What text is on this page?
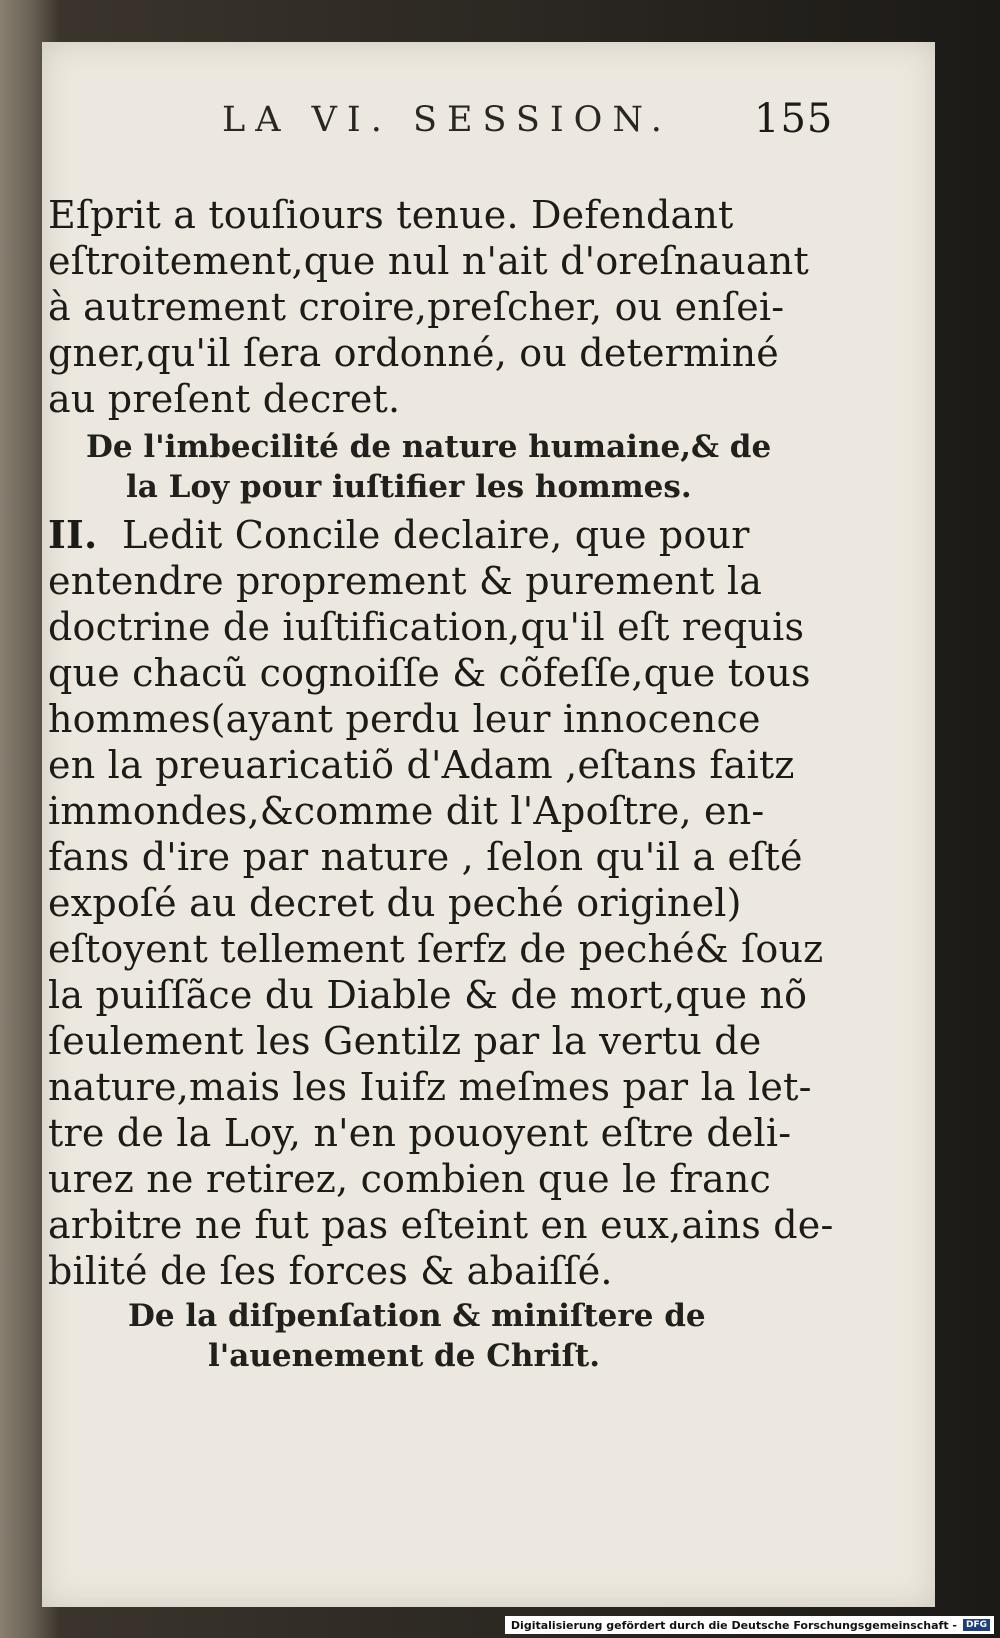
LA VI. SESSION. 155
Eſprit a touſiours tenue. Defendant
eſtroitement,que nul n'ait d'oreſnauant
à autrement croire,preſcher, ou enſei-
gner,qu'il ſera ordonné, ou determiné
au preſent decret.
De l'imbecilité de nature humaine,& de
la Loy pour iuſtifier les hommes.
II. Ledit Concile declaire, que pour
entendre proprement & purement la
doctrine de iuſtification,qu'il eſt requis
que chacũ cognoiſſe & cõfeſſe,que tous
hommes(ayant perdu leur innocence
en la preuaricatiõ d'Adam ,eſtans faitz
immondes,&comme dit l'Apoſtre, en-
fans d'ire par nature , ſelon qu'il a eſté
expoſé au decret du peché originel)
eſtoyent tellement ſerfz de peché& ſouz
la puiſſãce du Diable & de mort,que nõ
ſeulement les Gentilz par la vertu de
nature,mais les Iuifz meſmes par la let-
tre de la Loy, n'en pouoyent eſtre deli-
urez ne retirez, combien que le franc
arbitre ne fut pas eſteint en eux,ains de-
bilité de ſes forces & abaiſſé.
De la diſpenſation & miniſtere de
l'auenement de Chriſt.
Digitalisierung gefördert durch die Deutsche Forschungsgemeinschaft -	DFG
